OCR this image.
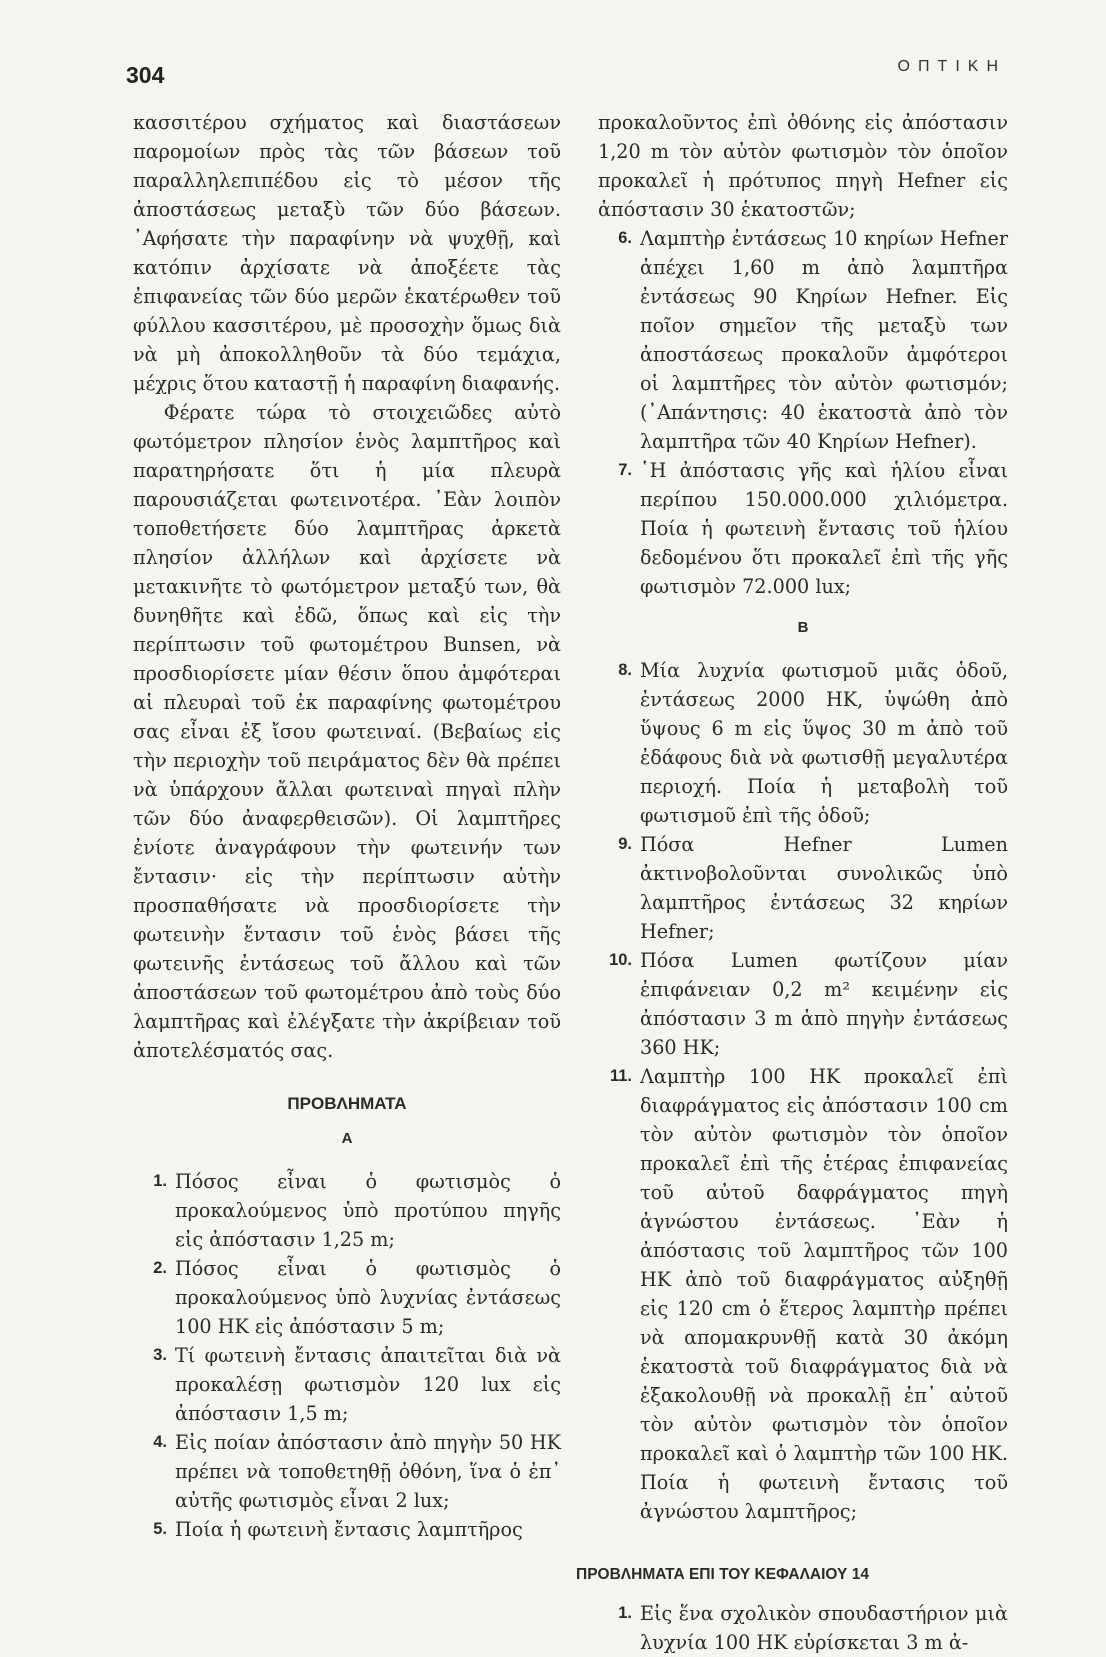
304	ΟΠΤΙΚΗ

κασσιτέρου σχήματος καὶ διαστάσεων παρομοίων πρὸς τὰς τῶν βάσεων τοῦ παραλληλεπιπέδου εἰς τὸ μέσον τῆς ἀποστάσεως μεταξὺ τῶν δύο βάσεων. ᾿Αφήσατε τὴν παραφίνην νὰ ψυχθῇ, καὶ κατόπιν ἀρχίσατε νὰ ἀποξέετε τὰς ἐπιφανείας τῶν δύο μερῶν ἑκατέρωθεν τοῦ φύλλου κασσιτέρου, μὲ προσοχὴν ὅμως διὰ νὰ μὴ ἀποκολληθοῦν τὰ δύο τεμάχια, μέχρις ὅτου καταστῇ ἡ παραφίνη διαφανής.

Φέρατε τώρα τὸ στοιχειῶδες αὐτὸ φωτόμετρον πλησίον ἑνὸς λαμπτῆρος καὶ παρατηρήσατε ὅτι ἡ μία πλευρὰ παρουσιάζεται φωτεινοτέρα. ᾿Εὰν λοιπὸν τοποθετήσετε δύο λαμπτῆρας ἀρκετὰ πλησίον ἀλλήλων καὶ ἀρχίσετε νὰ μετακινῆτε τὸ φωτόμετρον μεταξύ των, θὰ δυνηθῆτε καὶ ἐδῶ, ὅπως καὶ εἰς τὴν περίπτωσιν τοῦ φωτομέτρου Bunsen, νὰ προσδιορίσετε μίαν θέσιν ὅπου ἀμφότεραι αἱ πλευραὶ τοῦ ἐκ παραφίνης φωτομέτρου σας εἶναι ἐξ ἴσου φωτειναί. (Βεβαίως εἰς τὴν περιοχὴν τοῦ πειράματος δὲν θὰ πρέπει νὰ ὑπάρχουν ἄλλαι φωτειναὶ πηγαὶ πλὴν τῶν δύο ἀναφερθεισῶν). Οἱ λαμπτῆρες ἐνίοτε ἀναγράφουν τὴν φωτεινήν των ἔντασιν· εἰς τὴν περίπτωσιν αὐτὴν προσπαθήσατε νὰ προσδιορίσετε τὴν φωτεινὴν ἔντασιν τοῦ ἑνὸς βάσει τῆς φωτεινῆς ἐντάσεως τοῦ ἄλλου καὶ τῶν ἀποστάσεων τοῦ φωτομέτρου ἀπὸ τοὺς δύο λαμπτῆρας καὶ ἐλέγξατε τὴν ἀκρίβειαν τοῦ ἀποτελέσματός σας.

ΠΡΟΒΛΗΜΑΤΑ
Α
1. Πόσος εἶναι ὁ φωτισμὸς ὁ προκαλούμενος ὑπὸ προτύπου πηγῆς εἰς ἀπόστασιν 1,25 m;
2. Πόσος εἶναι ὁ φωτισμὸς ὁ προκαλούμενος ὑπὸ λυχνίας ἐντάσεως 100 ΗΚ εἰς ἀπόστασιν 5 m;
3. Τί φωτεινὴ ἔντασις ἀπαιτεῖται διὰ νὰ προκαλέσῃ φωτισμὸν 120 lux εἰς ἀπόστασιν 1,5 m;
4. Εἰς ποίαν ἀπόστασιν ἀπὸ πηγὴν 50 ΗΚ πρέπει νὰ τοποθετηθῇ ὀθόνη, ἵνα ὁ ἐπ᾿ αὐτῆς φωτισμὸς εἶναι 2 lux;
5. Ποία ἡ φωτεινὴ ἔντασις λαμπτῆρος

προκαλοῦντος ἐπὶ ὀθόνης εἰς ἀπόστασιν 1,20 m τὸν αὐτὸν φωτισμὸν τὸν ὁποῖον προκαλεῖ ἡ πρότυπος πηγὴ Hefner εἰς ἀπόστασιν 30 ἑκατοστῶν;

6. Λαμπτὴρ ἐντάσεως 10 κηρίων Hefner ἀπέχει 1,60 m ἀπὸ λαμπτῆρα ἐντάσεως 90 Κηρίων Hefner. Εἰς ποῖον σημεῖον τῆς μεταξὺ των ἀποστάσεως προκαλοῦν ἀμφότεροι οἱ λαμπτῆρες τὸν αὐτὸν φωτισμόν; (᾿Απάντησις: 40 ἑκατοστὰ ἀπὸ τὸν λαμπτῆρα τῶν 40 Κηρίων Hefner).
7. ῾Η ἀπόστασις γῆς καὶ ἡλίου εἶναι περίπου 150.000.000 χιλιόμετρα. Ποία ἡ φωτεινὴ ἔντασις τοῦ ἡλίου δεδομένου ὅτι προκαλεῖ ἐπὶ τῆς γῆς φωτισμὸν 72.000 lux;
Β
8. Μία λυχνία φωτισμοῦ μιᾶς ὁδοῦ, ἐντάσεως 2000 ΗΚ, ὑψώθη ἀπὸ ὕψους 6 m εἰς ὕψος 30 m ἀπὸ τοῦ ἐδάφους διὰ νὰ φωτισθῇ μεγαλυτέρα περιοχή. Ποία ἡ μεταβολὴ τοῦ φωτισμοῦ ἐπὶ τῆς ὁδοῦ;
9. Πόσα Hefner Lumen ἀκτινοβολοῦνται συνολικῶς ὑπὸ λαμπτῆρος ἐντάσεως 32 κηρίων Hefner;
10. Πόσα Lumen φωτίζουν μίαν ἐπιφάνειαν 0,2 m² κειμένην εἰς ἀπόστασιν 3 m ἀπὸ πηγὴν ἐντάσεως 360 ΗΚ;
11. Λαμπτὴρ 100 ΗΚ προκαλεῖ ἐπὶ διαφράγματος εἰς ἀπόστασιν 100 cm τὸν αὐτὸν φωτισμὸν τὸν ὁποῖον προκαλεῖ ἐπὶ τῆς ἑτέρας ἐπιφανείας τοῦ αὐτοῦ δαφράγματος πηγὴ ἀγνώστου ἐντάσεως. ᾿Εὰν ἡ ἀπόστασις τοῦ λαμπτῆρος τῶν 100 ΗΚ ἀπὸ τοῦ διαφράγματος αὐξηθῇ εἰς 120 cm ὁ ἕτερος λαμπτὴρ πρέπει νὰ απομακρυνθῇ κατὰ 30 ἀκόμη ἑκατοστὰ τοῦ διαφράγματος διὰ νὰ ἐξακολουθῇ νὰ προκαλῇ ἐπ᾿ αὐτοῦ τὸν αὐτὸν φωτισμὸν τὸν ὁποῖον προκαλεῖ καὶ ὁ λαμπτὴρ τῶν 100 ΗΚ. Ποία ἡ φωτεινὴ ἔντασις τοῦ ἀγνώστου λαμπτῆρος;
ΠΡΟΒΛΗΜΑΤΑ ΕΠΙ ΤΟΥ ΚΕΦΑΛΑΙΟΥ 14
1. Εἰς ἕνα σχολικὸν σπουδαστήριον μιὰ λυχνία 100 ΗΚ εὑρίσκεται 3 m ἀ-
